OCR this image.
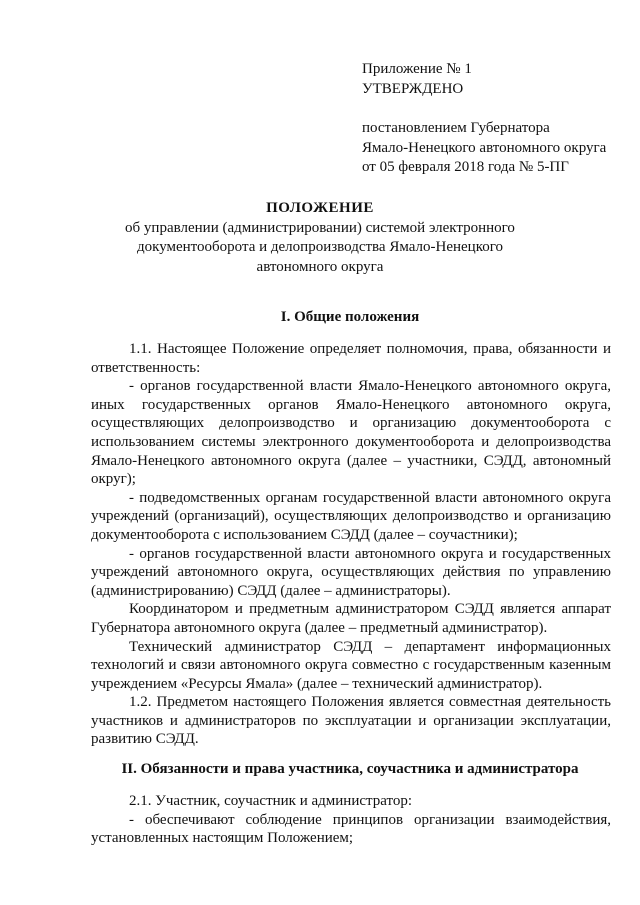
Приложение № 1
УТВЕРЖДЕНО
постановлением Губернатора
Ямало-Ненецкого автономного округа
от 05 февраля 2018 года № 5-ПГ
ПОЛОЖЕНИЕ
об управлении (администрировании) системой электронного
документооборота и делопроизводства Ямало-Ненецкого
автономного округа
I. Общие положения

1.1. Настоящее Положение определяет полномочия, права, обязанности и ответственность:

- органов государственной власти Ямало-Ненецкого автономного округа, иных государственных органов Ямало-Ненецкого автономного округа, осуществляющих делопроизводство и организацию документооборота с использованием системы электронного документооборота и делопроизводства Ямало-Ненецкого автономного округа (далее – участники, СЭДД, автономный округ);

- подведомственных органам государственной власти автономного округа учреждений (организаций), осуществляющих делопроизводство и организацию документооборота с использованием СЭДД (далее – соучастники);

- органов государственной власти автономного округа и государственных учреждений автономного округа, осуществляющих действия по управлению (администрированию) СЭДД (далее – администраторы).

Координатором и предметным администратором СЭДД является аппарат Губернатора автономного округа (далее – предметный администратор).

Технический администратор СЭДД – департамент информационных технологий и связи автономного округа совместно с государственным казенным учреждением «Ресурсы Ямала» (далее – технический администратор).

1.2. Предметом настоящего Положения является совместная деятельность участников и администраторов по эксплуатации и организации эксплуатации, развитию СЭДД.

II. Обязанности и права участника, соучастника и администратора

2.1. Участник, соучастник и администратор:

- обеспечивают соблюдение принципов организации взаимодействия, установленных настоящим Положением;
